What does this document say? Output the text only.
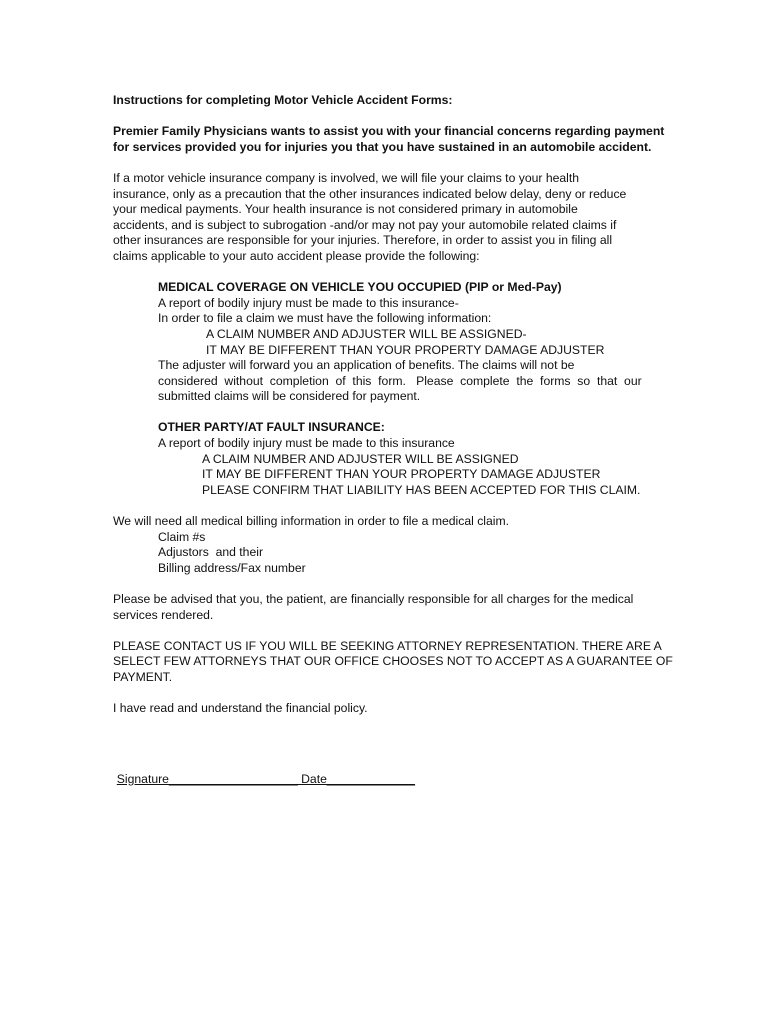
Instructions for completing Motor Vehicle Accident Forms:

Premier Family Physicians wants to assist you with your financial concerns regarding payment

for services provided you for injuries you that you have sustained in an automobile accident.

If a motor vehicle insurance company is involved, we will file your claims to your health

insurance, only as a precaution that the other insurances indicated below delay, deny or reduce

your medical payments. Your health insurance is not considered primary in automobile

accidents, and is subject to subrogation -and/or may not pay your automobile related claims if

other insurances are responsible for your injuries. Therefore, in order to assist you in filing all

claims applicable to your auto accident please provide the following:

MEDICAL COVERAGE ON VEHICLE YOU OCCUPIED (PIP or Med-Pay)

A report of bodily injury must be made to this insurance-

In order to file a claim we must have the following information:

A CLAIM NUMBER AND ADJUSTER WILL BE ASSIGNED-

IT MAY BE DIFFERENT THAN YOUR PROPERTY DAMAGE ADJUSTER

The adjuster will forward you an application of benefits. The claims will not be

considered  without  completion  of  this  form.   Please  complete  the  forms  so  that  our

submitted claims will be considered for payment.

OTHER PARTY/AT FAULT INSURANCE:

A report of bodily injury must be made to this insurance

A CLAIM NUMBER AND ADJUSTER WILL BE ASSIGNED

IT MAY BE DIFFERENT THAN YOUR PROPERTY DAMAGE ADJUSTER

PLEASE CONFIRM THAT LIABILITY HAS BEEN ACCEPTED FOR THIS CLAIM.

We will need all medical billing information in order to file a medical claim.

Claim #s

Adjustors  and their

Billing address/Fax number

Please be advised that you, the patient, are financially responsible for all charges for the medical

services rendered.

PLEASE CONTACT US IF YOU WILL BE SEEKING ATTORNEY REPRESENTATION. THERE ARE A

SELECT FEW ATTORNEYS THAT OUR OFFICE CHOOSES NOT TO ACCEPT AS A GUARANTEE OF

PAYMENT.

I have read and understand the financial policy.

Signature___________________ Date_____________
